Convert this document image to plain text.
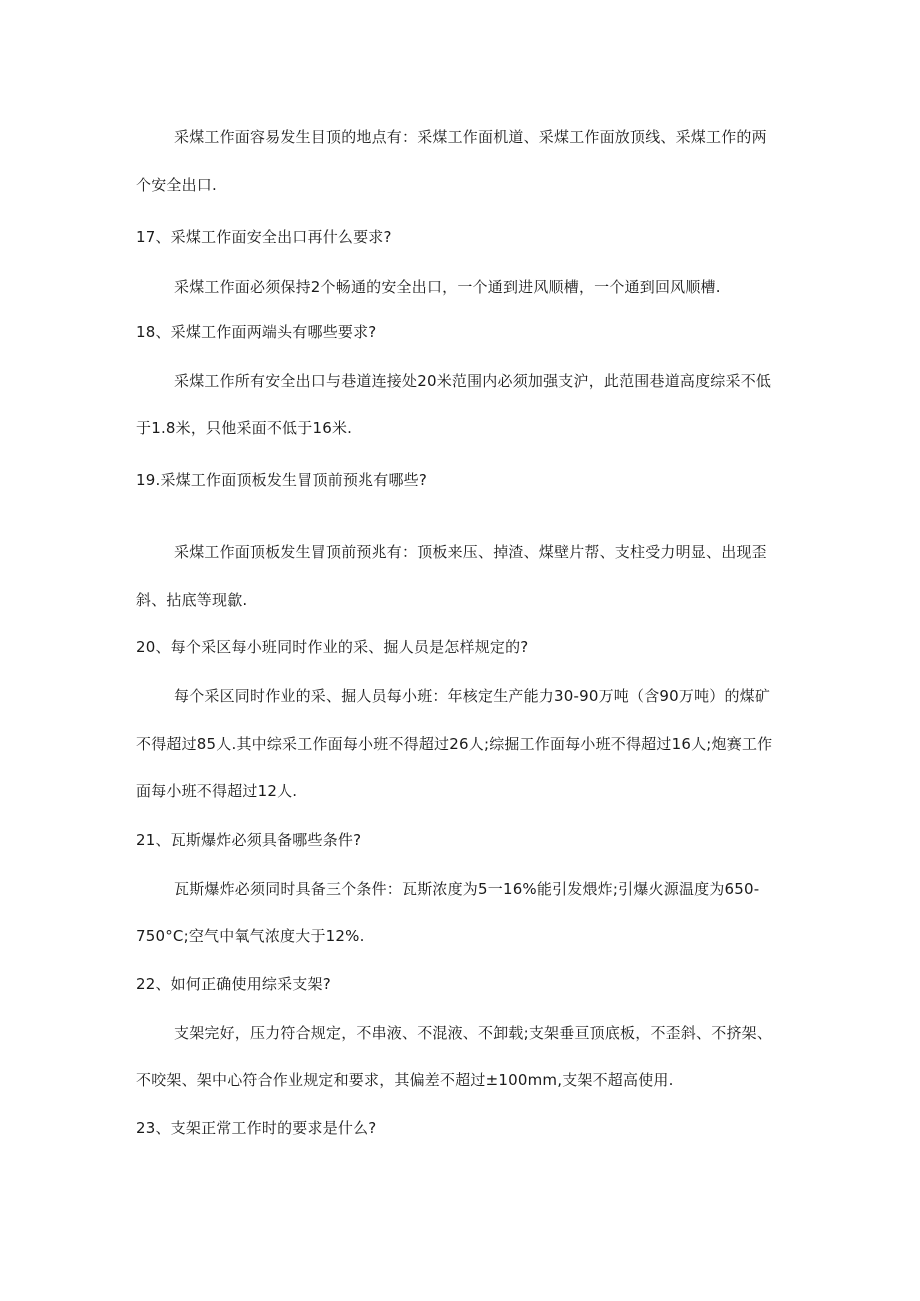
采煤工作面容易发生目顶的地点有：采煤工作面机道、采煤工作面放顶线、采煤工作的两
个安全出口.
17、采煤工作面安全出口再什么要求?
采煤工作面必须保持2个畅通的安全出口，一个通到进风顺槽，一个通到回风顺槽.
18、采煤工作面两端头有哪些要求?
采煤工作所有安全出口与巷道连接处20米范围内必须加强支沪，此范围巷道高度综采不低
于1.8米，只他采面不低于16米.
19.采煤工作面顶板发生冒顶前预兆有哪些?
采煤工作面顶板发生冒顶前预兆有：顶板来压、掉渣、煤壁片帮、支柱受力明显、出现歪
斜、拈底等现歙.
20、每个采区每小班同时作业的采、掘人员是怎样规定的?
每个采区同时作业的采、掘人员每小班：年核定生产能力30-90万吨（含90万吨）的煤矿
不得超过85人.其中综采工作面每小班不得超过26人;综掘工作面每小班不得超过16人;炮赛工作
面每小班不得超过12人.
21、瓦斯爆炸必须具备哪些条件?
瓦斯爆炸必须同时具备三个条件：瓦斯浓度为5一16%能引发煨炸;引爆火源温度为650-
750°C;空气中氧气浓度大于12%.
22、如何正确使用综采支架?
支架完好，压力符合规定，不串液、不混液、不卸载;支架垂亘顶底板，不歪斜、不挤架、
不咬架、架中心符合作业规定和要求，其偏差不超过±100mm,支架不超高使用.
23、支架正常工作时的要求是什么?
